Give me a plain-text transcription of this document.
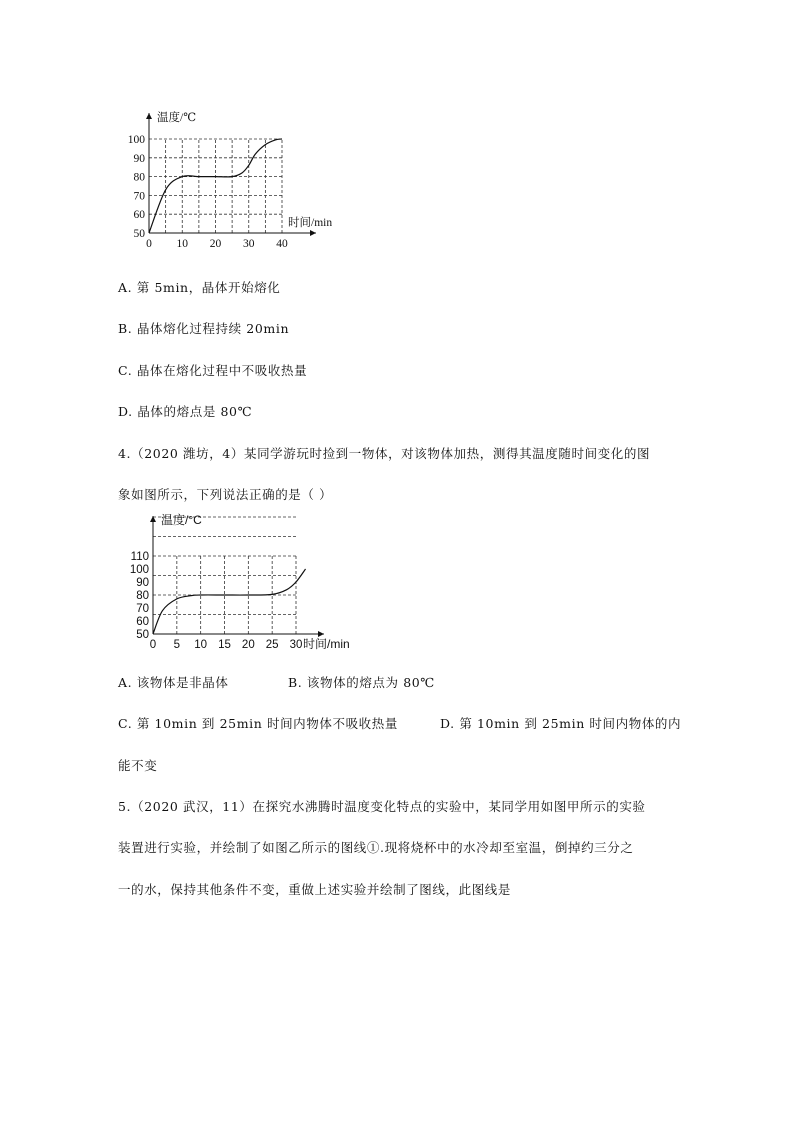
50
60
70
80
90
100
0 10 20 30 40
温度/℃
时间/min
A. 第 5min，晶体开始熔化
B. 晶体熔化过程持续 20min
C. 晶体在熔化过程中不吸收热量
D. 晶体的熔点是 80℃
4.（2020 潍坊，4）某同学游玩时捡到一物体，对该物体加热，测得其温度随时间变化的图
象如图所示，下列说法正确的是（ ）
50
60
70
80
90
100
110
0 5 10 15 20 25 30
温度/°C
时间/min
A. 该物体是非晶体	B. 该物体的熔点为 80℃
C. 第 10min 到 25min 时间内物体不吸收热量	D. 第 10min 到 25min 时间内物体的内
能不变
5.（2020 武汉，11）在探究水沸腾时温度变化特点的实验中，某同学用如图甲所示的实验
装置进行实验，并绘制了如图乙所示的图线①.现将烧杯中的水冷却至室温，倒掉约三分之
一的水，保持其他条件不变，重做上述实验并绘制了图线，此图线是
